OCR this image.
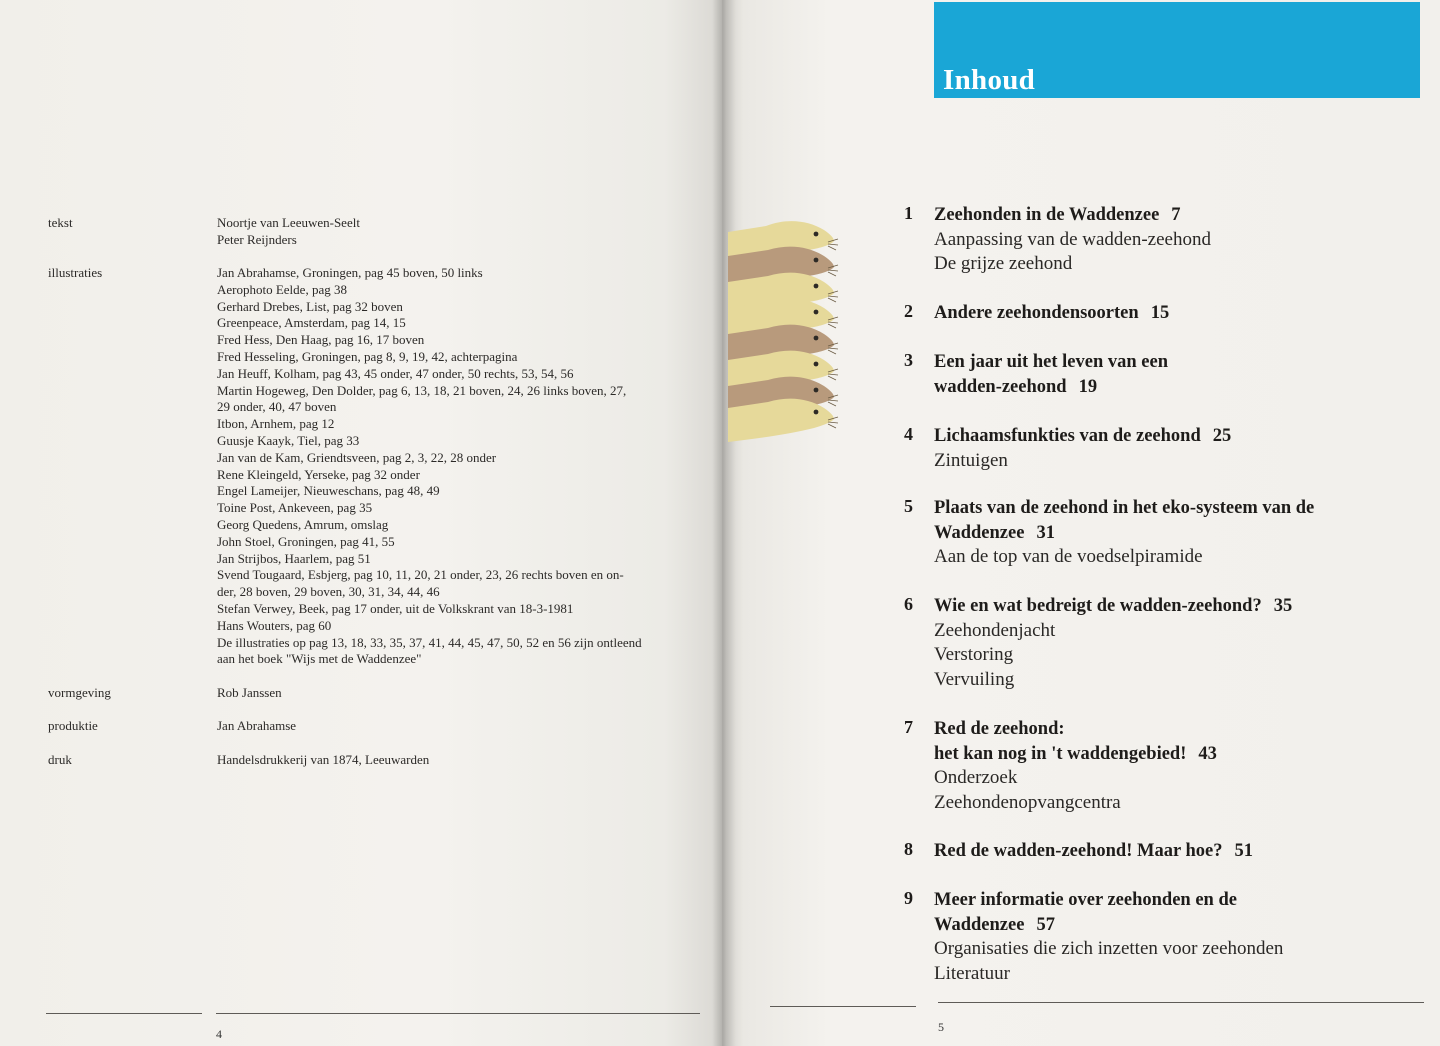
tekst	Noortje van Leeuwen-Seelt
Peter Reijnders
illustraties	Jan Abrahamse, Groningen, pag 45 boven, 50 links
Aerophoto Eelde, pag 38
Gerhard Drebes, List, pag 32 boven
Greenpeace, Amsterdam, pag 14, 15
Fred Hess, Den Haag, pag 16, 17 boven
Fred Hesseling, Groningen, pag 8, 9, 19, 42, achterpagina
Jan Heuff, Kolham, pag 43, 45 onder, 47 onder, 50 rechts, 53, 54, 56
Martin Hogeweg, Den Dolder, pag 6, 13, 18, 21 boven, 24, 26 links boven, 27,
29 onder, 40, 47 boven
Itbon, Arnhem, pag 12
Guusje Kaayk, Tiel, pag 33
Jan van de Kam, Griendtsveen, pag 2, 3, 22, 28 onder
Rene Kleingeld, Yerseke, pag 32 onder
Engel Lameijer, Nieuweschans, pag 48, 49
Toine Post, Ankeveen, pag 35
Georg Quedens, Amrum, omslag
John Stoel, Groningen, pag 41, 55
Jan Strijbos, Haarlem, pag 51
Svend Tougaard, Esbjerg, pag 10, 11, 20, 21 onder, 23, 26 rechts boven en on-
der, 28 boven, 29 boven, 30, 31, 34, 44, 46
Stefan Verwey, Beek, pag 17 onder, uit de Volkskrant van 18-3-1981
Hans Wouters, pag 60
De illustraties op pag 13, 18, 33, 35, 37, 41, 44, 45, 47, 50, 52 en 56 zijn ontleend
aan het boek "Wijs met de Waddenzee"
vormgeving	Rob Janssen
produktie	Jan Abrahamse
druk	Handelsdrukkerij van 1874, Leeuwarden
4
Inhoud
1 Zeehonden in de Waddenzee 7
Aanpassing van de wadden-zeehond
De grijze zeehond
2 Andere zeehondensoorten 15
3 Een jaar uit het leven van een
wadden-zeehond 19
4 Lichaamsfunkties van de zeehond 25
Zintuigen
5 Plaats van de zeehond in het eko-systeem van de
Waddenzee 31
Aan de top van de voedselpiramide
6 Wie en wat bedreigt de wadden-zeehond? 35
Zeehondenjacht
Verstoring
Vervuiling
7 Red de zeehond:
het kan nog in 't waddengebied! 43
Onderzoek
Zeehondenopvangcentra
8 Red de wadden-zeehond! Maar hoe? 51
9 Meer informatie over zeehonden en de
Waddenzee 57
Organisaties die zich inzetten voor zeehonden
Literatuur
5
